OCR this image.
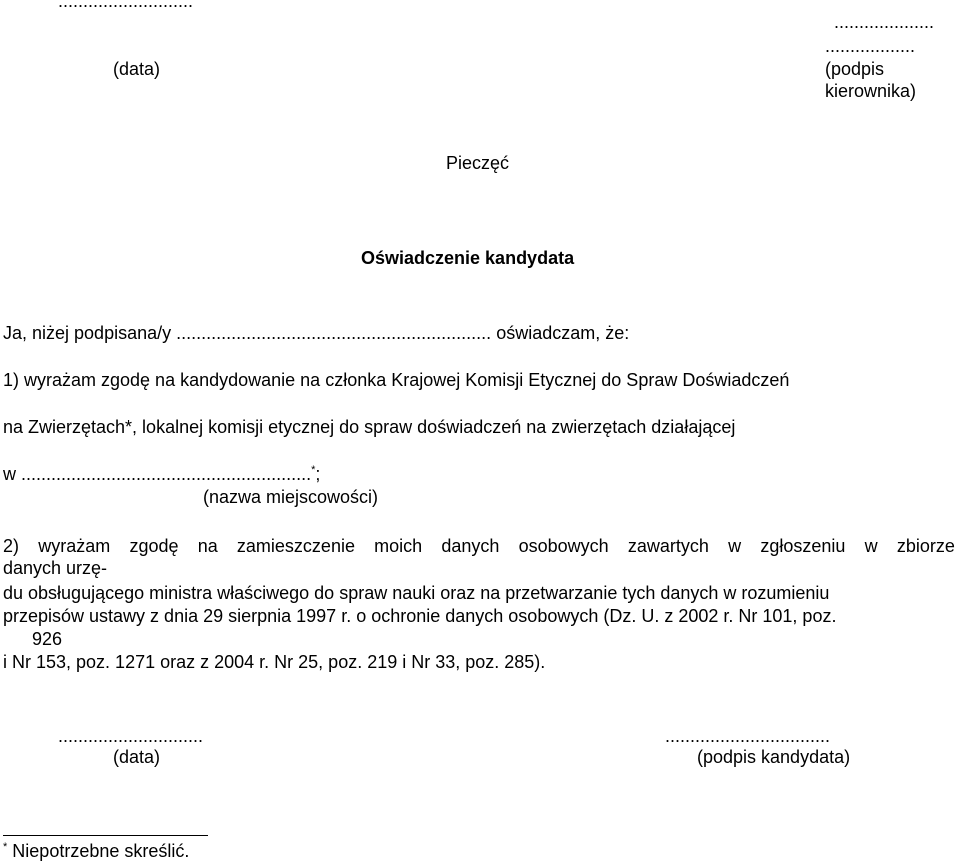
...........................
....................
..................
(data)	(podpis
kierownika)
Pieczęć
Oświadczenie kandydata
Ja, niżej podpisana/y ............................................................... oświadczam, że:
1) wyrażam zgodę na kandydowanie na członka Krajowej Komisji Etycznej do Spraw Doświadczeń
na Zwierzętach*, lokalnej komisji etycznej do spraw doświadczeń na zwierzętach działającej
w ..........................................................*;
(nazwa miejscowości)
2) wyrażam zgodę na zamieszczenie moich danych osobowych zawartych w zgłoszeniu w zbiorze
danych urzę-
du obsługującego ministra właściwego do spraw nauki oraz na przetwarzanie tych danych w rozumieniu
przepisów ustawy z dnia 29 sierpnia 1997 r. o ochronie danych osobowych (Dz. U. z 2002 r. Nr 101, poz.
926
i Nr 153, poz. 1271 oraz z 2004 r. Nr 25, poz. 219 i Nr 33, poz. 285).
.............................	.................................
(data)	(podpis kandydata)
* Niepotrzebne skreślić.
